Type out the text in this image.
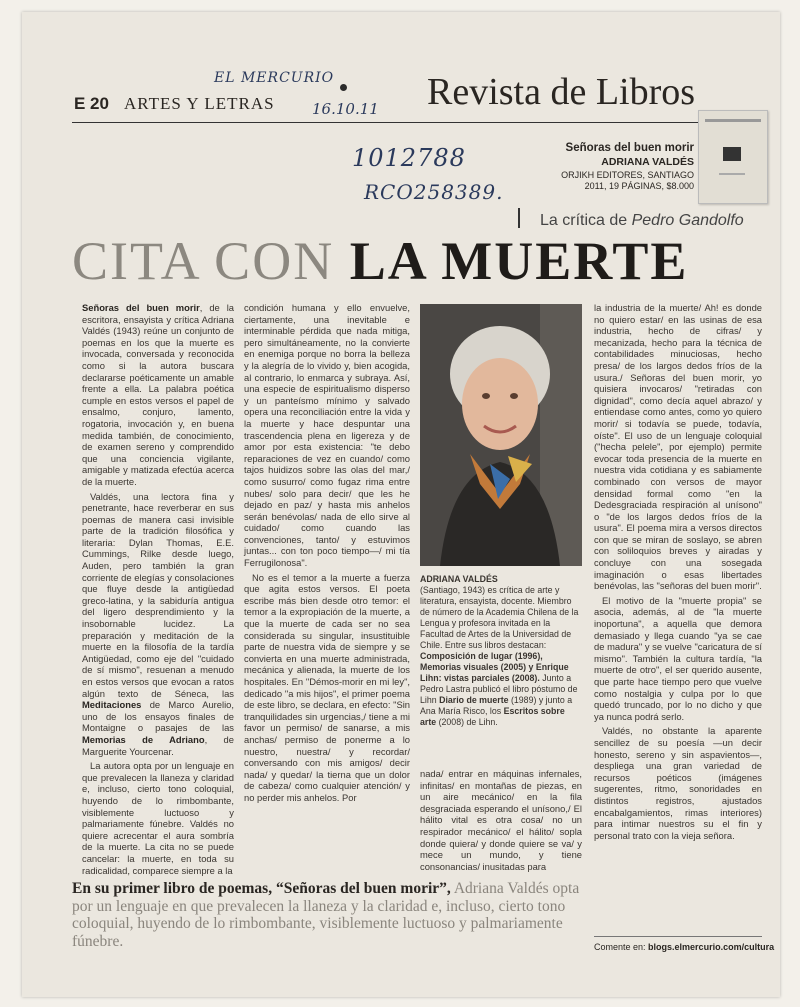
EL MERCURIO
16.10.11
1012788
RCO258389.
E 20 ARTES Y LETRAS	Revista de Libros
Señoras del buen morir
ADRIANA VALDÉS
ORJIKH EDITORES, SANTIAGO
2011, 19 PÁGINAS, $8.000
La crítica de Pedro Gandolfo
CITA CON LA MUERTE

Señoras del buen morir, de la escritora, ensayista y crítica Adriana Valdés (1943) reúne un conjunto de poemas en los que la muerte es invocada, conversada y reconocida como si la autora buscara declararse poéticamente un amable frente a ella. La palabra poética cumple en estos versos el papel de ensalmo, conjuro, lamento, rogatoria, invocación y, en buena medida también, de conocimiento, de examen sereno y comprendido que una conciencia vigilante, amigable y matizada efectúa acerca de la muerte.

Valdés, una lectora fina y penetrante, hace reverberar en sus poemas de manera casi invisible parte de la tradición filosófica y literaria: Dylan Thomas, E.E. Cummings, Rilke desde luego, Auden, pero también la gran corriente de elegías y consolaciones que fluye desde la antigüedad greco-latina, y la sabiduría antigua del ligero desprendimiento y la insobornable lucidez. La preparación y meditación de la muerte en la filosofía de la tardía Antigüedad, como eje del "cuidado de sí mismo", resuenan a menudo en estos versos que evocan a ratos algún texto de Séneca, las Meditaciones de Marco Aurelio, uno de los ensayos finales de Montaigne o pasajes de las Memorias de Adriano, de Marguerite Yourcenar.

La autora opta por un lenguaje en que prevalecen la llaneza y claridad e, incluso, cierto tono coloquial, huyendo de lo rimbombante, visiblemente luctuoso y palmariamente fúnebre. Valdés no quiere acrecentar el aura sombría de la muerte. La cita no se puede cancelar: la muerte, en toda su radicalidad, comparece siempre a la

condición humana y ello envuelve, ciertamente, una inevitable e interminable pérdida que nada mitiga, pero simultáneamente, no la convierte en enemiga porque no borra la belleza y la alegría de lo vivido y, bien acogida, al contrario, lo enmarca y subraya. Así, una especie de espiritualismo disperso y un panteísmo mínimo y salvado opera una reconciliación entre la vida y la muerte y hace despuntar una trascendencia plena en ligereza y de amor por esta existencia: "te debo reparaciones de vez en cuando/ como tajos huidizos sobre las olas del mar,/ como susurro/ como fugaz rima entre nubes/ solo para decir/ que les he dejado en paz/ y hasta mis anhelos serán benévolas/ nada de ello sirve al cuidado/ como cuando las convenciones, tanto/ y estuvimos juntas... con ton poco tiempo—/ mi tía Ferrugilonosa".

No es el temor a la muerte a fuerza que agita estos versos. El poeta escribe más bien desde otro temor: el temor a la expropiación de la muerte, a que la muerte de cada ser no sea considerada su singular, insustituible parte de nuestra vida de siempre y se convierta en una muerte administrada, mecánica y alienada, la muerte de los hospitales. En "Démos-morir en mi ley", dedicado "a mis hijos", el primer poema de este libro, se declara, en efecto: "Sin tranquilidades sin urgencias,/ tiene a mi favor un permiso/ de sanarse, a mis anchas/ permiso de ponerme a lo nuestro, nuestra/ y recordar/ conversando con mis amigos/ decir nada/ y quedar/ la tierna que un dolor de cabeza/ como cualquier atención/ y no perder mis anhelos. Por

ADRIANA VALDÉS
(Santiago, 1943) es crítica de arte y literatura, ensayista, docente. Miembro de número de la Academia Chilena de la Lengua y profesora invitada en la Facultad de Artes de la Universidad de Chile. Entre sus libros destacan: Composición de lugar (1996), Memorias visuales (2005) y Enrique Lihn: vistas parciales (2008). Junto a Pedro Lastra publicó el libro póstumo de Lihn Diario de muerte (1989) y junto a Ana María Risco, los Escritos sobre arte (2008) de Lihn.

nada/ entrar en máquinas infernales, infinitas/ en montañas de piezas, en un aire mecánico/ en la fila desgraciada esperando el unísono,/ El hálito vital es otra cosa/ no un respirador mecánico/ el hálito/ sopla donde quiera/ y donde quiere se va/ y mece un mundo, y tiene consonancias/ inusitadas para

la industria de la muerte/ Ah! es donde no quiero estar/ en las usinas de esa industria, hecho de cifras/ y mecanizada, hecho para la técnica de contabilidades minuciosas, hecho presa/ de los largos dedos fríos de la usura./ Señoras del buen morir, yo quisiera invocaros/ "retiradas con dignidad", como decía aquel abrazo/ y entiendase como antes, como yo quiero morir/ si todavía se puede, todavía, oíste". El uso de un lenguaje coloquial ("hecha pelele", por ejemplo) permite evocar toda presencia de la muerte en nuestra vida cotidiana y es sabiamente combinado con versos de mayor densidad formal como "en la Dedesgraciada respiración al unísono" o "de los largos dedos fríos de la usura". El poema mira a versos directos con que se miran de soslayo, se abren con soliloquios breves y airadas y concluye con una sosegada imaginación o esas libertades benévolas, las "señoras del buen morir".

El motivo de la "muerte propia" se asocia, además, al de "la muerte inoportuna", a aquella que demora demasiado y llega cuando "ya se cae de madura" y se vuelve "caricatura de sí mismo". También la cultura tardía, "la muerte de otro", el ser querido ausente, que parte hace tiempo pero que vuelve como nostalgia y culpa por lo que quedó truncado, por lo no dicho y que ya nunca podrá serlo.

Valdés, no obstante la aparente sencillez de su poesía —un decir honesto, sereno y sin aspavientos—, despliega una gran variedad de recursos poéticos (imágenes sugerentes, ritmo, sonoridades en distintos registros, ajustados encabalgamientos, rimas interiores) para intimar nuestros su el fin y personal trato con la vieja señora.

En su primer libro de poemas, “Señoras del buen morir”, Adriana Valdés opta por un lenguaje en que prevalecen la llaneza y la claridad e, incluso, cierto tono coloquial, huyendo de lo rimbombante, visiblemente luctuoso y palmariamente fúnebre.	Comente en: blogs.elmercurio.com/cultura
